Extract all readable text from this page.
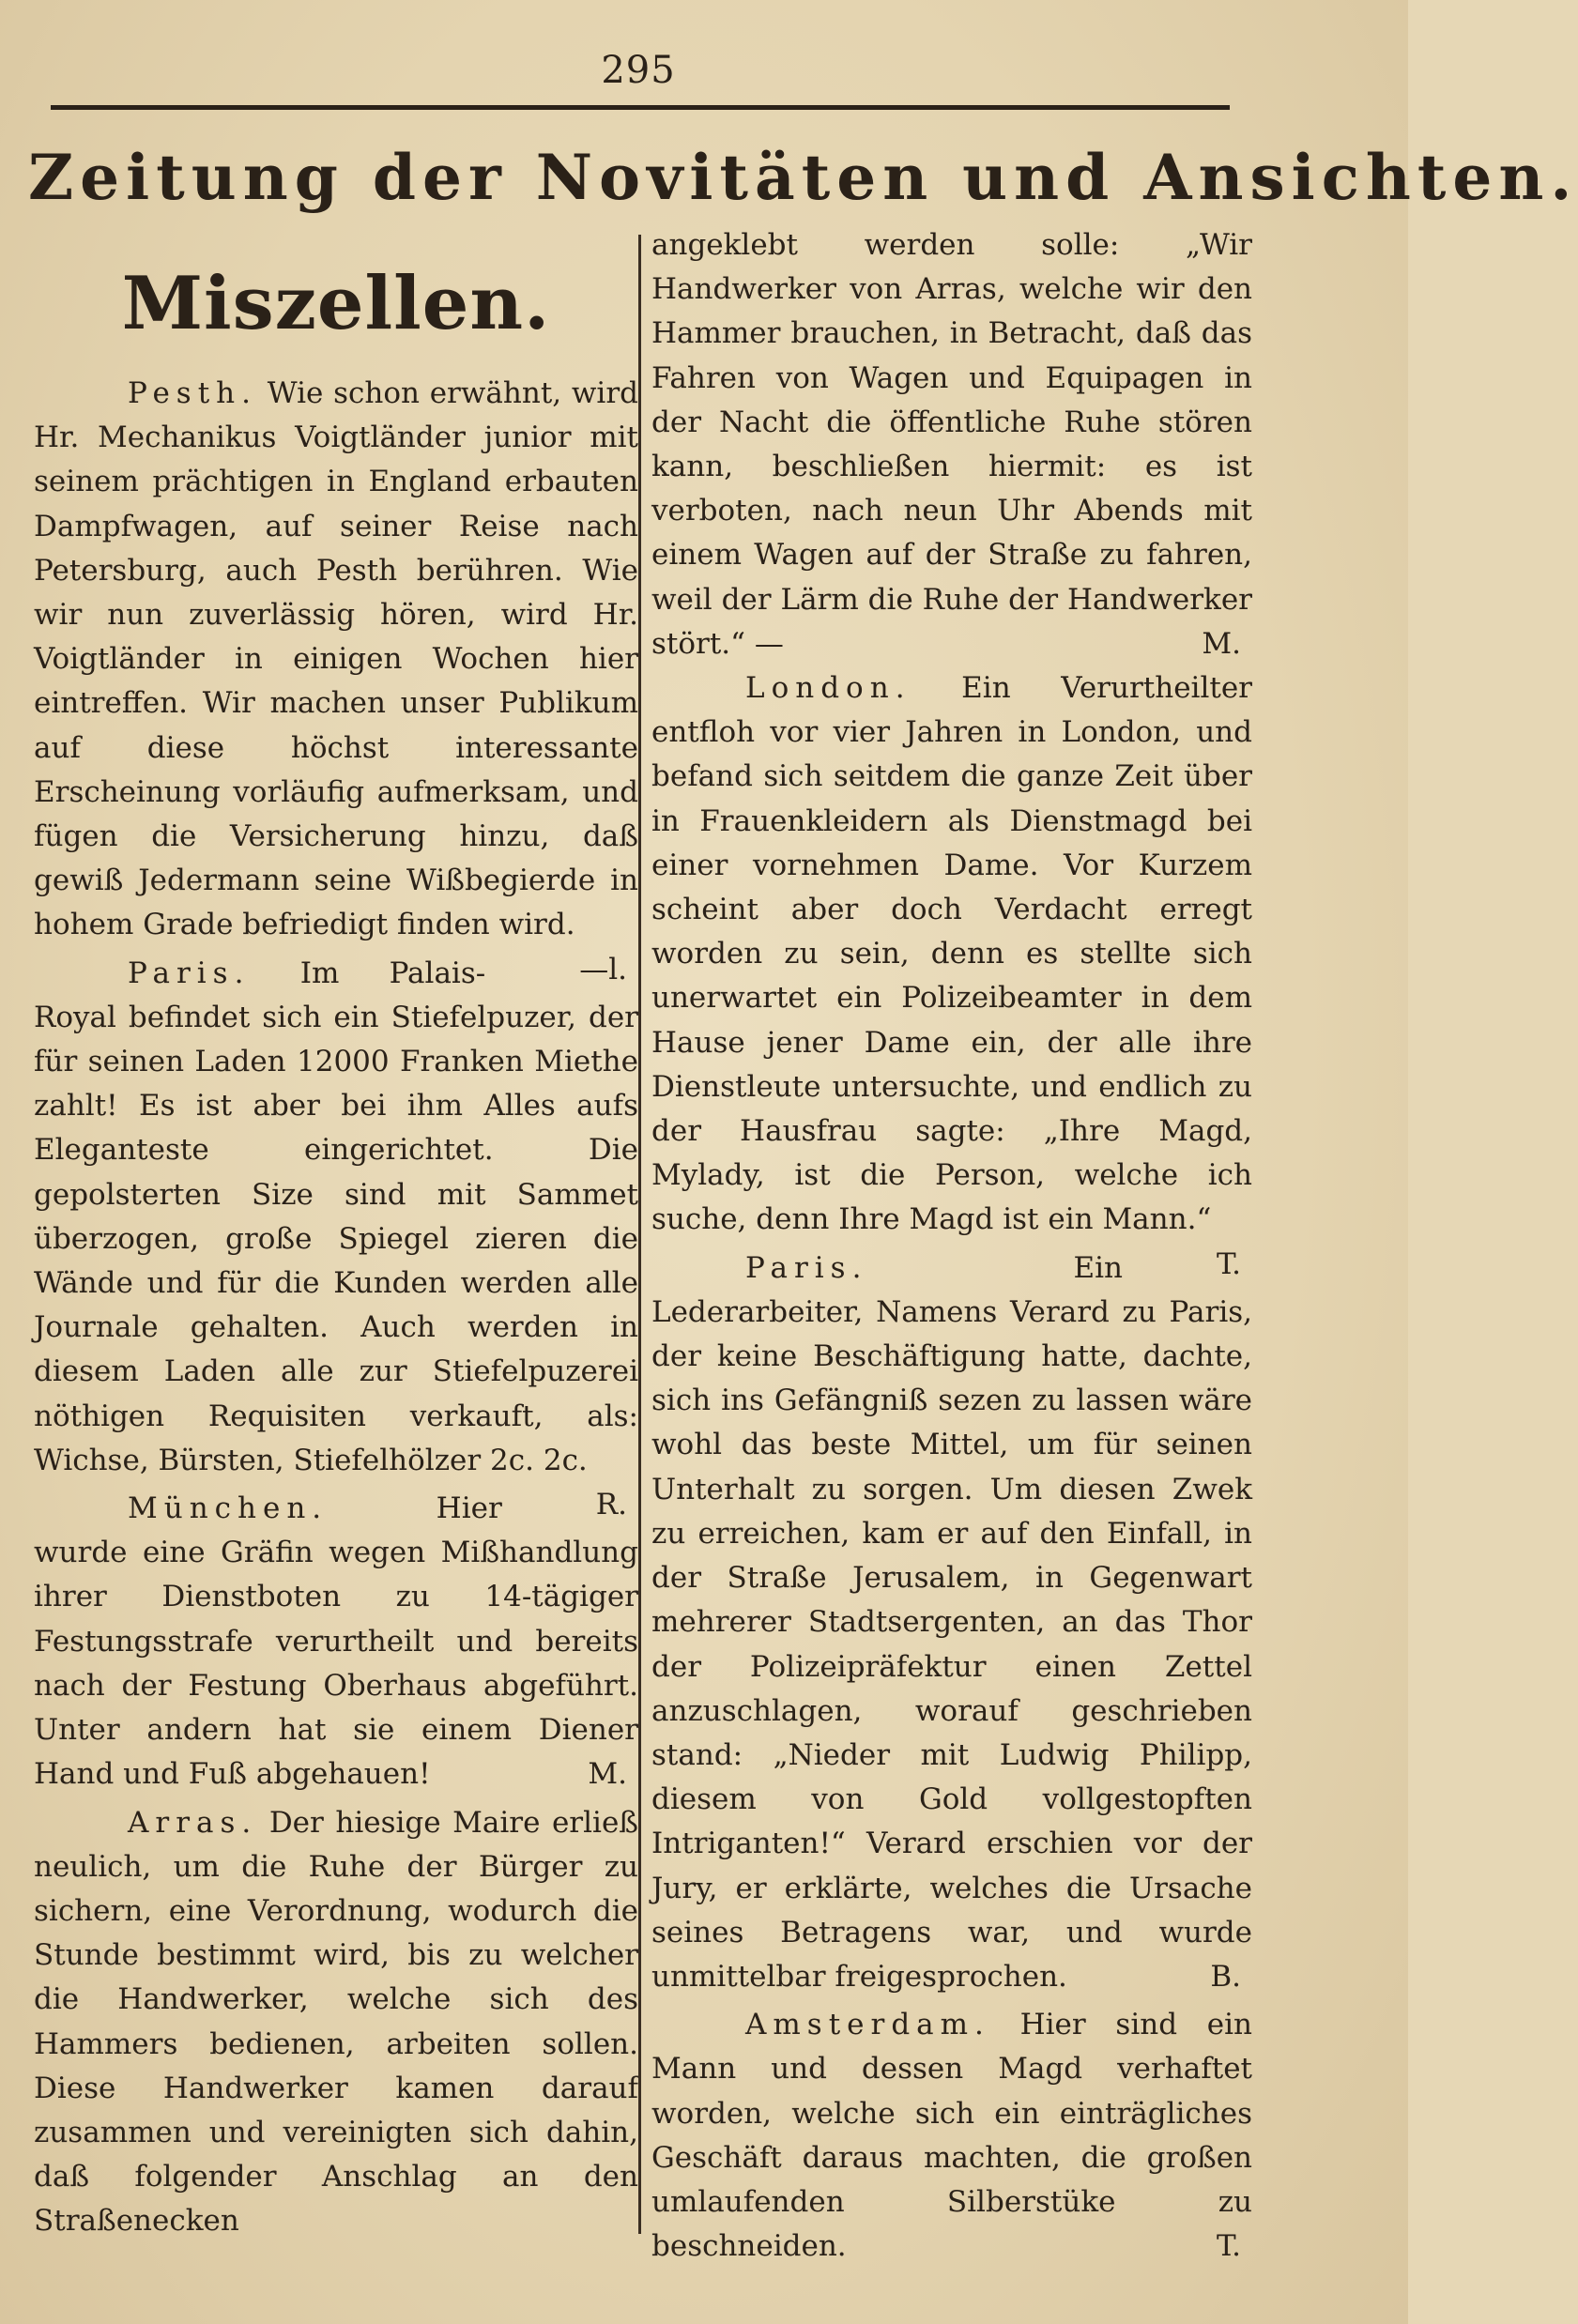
295
Zeitung der Novitäten und Ansichten.
Miszellen.

Pesth. Wie schon erwähnt, wird Hr. Mechanikus Voigtländer junior mit seinem prächtigen in England erbauten Dampfwagen, auf seiner Reise nach Petersburg, auch Pesth berühren. Wie wir nun zuverlässig hören, wird Hr. Voigtländer in einigen Wochen hier eintreffen. Wir machen unser Publikum auf diese höchst interessante Erscheinung vorläufig aufmerksam, und fügen die Versicherung hinzu, daß gewiß Jedermann seine Wißbegierde in hohem Grade befriedigt finden wird.
—l.

Paris. Im Palais-Royal befindet sich ein Stiefelpuzer, der für seinen Laden 12000 Franken Miethe zahlt! Es ist aber bei ihm Alles aufs Eleganteste eingerichtet. Die gepolsterten Size sind mit Sammet überzogen, große Spiegel zieren die Wände und für die Kunden werden alle Journale gehalten. Auch werden in diesem Laden alle zur Stiefelpuzerei nöthigen Requisiten verkauft, als: Wichse, Bürsten, Stiefelhölzer 2c. 2c.
R.

München.	Hier wurde eine Gräfin wegen Mißhandlung ihrer Dienstboten zu 14-tägiger Festungsstrafe verurtheilt und bereits nach der Festung Oberhaus abgeführt. Unter andern hat sie einem Diener Hand und Fuß abgehauen!	M.

Arras. Der hiesige Maire erließ neulich, um die Ruhe der Bürger zu sichern, eine Verordnung, wodurch die Stunde bestimmt wird, bis zu welcher die Handwerker, welche sich des Hammers bedienen, arbeiten sollen. Diese Handwerker kamen darauf zusammen und vereinigten sich dahin, daß folgender Anschlag an den Straßenecken

angeklebt werden solle: „Wir Handwerker von Arras, welche wir den Hammer brauchen, in Betracht, daß das Fahren von Wagen und Equipagen in der Nacht die öffentliche Ruhe stören kann, beschließen hiermit: es ist verboten, nach neun Uhr Abends mit einem Wagen auf der Straße zu fahren, weil der Lärm die Ruhe der Handwerker stört.“ —	M.

London. Ein Verurtheilter entfloh vor vier Jahren in London, und befand sich seitdem die ganze Zeit über in Frauenkleidern als Dienstmagd bei einer vornehmen Dame. Vor Kurzem scheint aber doch Verdacht erregt worden zu sein, denn es stellte sich unerwartet ein Polizeibeamter in dem Hause jener Dame ein, der alle ihre Dienstleute untersuchte, und endlich zu der Hausfrau sagte: „Ihre Magd, Mylady, ist die Person, welche ich suche, denn Ihre Magd ist ein Mann.“
T.

Paris.	Ein Lederarbeiter, Namens Verard zu Paris, der keine Beschäftigung hatte, dachte, sich ins Gefängniß sezen zu lassen wäre wohl das beste Mittel, um für seinen Unterhalt zu sorgen. Um diesen Zwek zu erreichen, kam er auf den Einfall, in der Straße Jerusalem, in Gegenwart mehrerer Stadtsergenten, an das Thor der Polizeipräfektur einen Zettel anzuschlagen, worauf geschrieben stand: „Nieder mit Ludwig Philipp, diesem von Gold vollgestopften Intriganten!“ Verard erschien vor der Jury, er erklärte, welches die Ursache seines Betragens war, und wurde unmittelbar freigesprochen.	B.

Amsterdam. Hier sind ein Mann und dessen Magd verhaftet worden, welche sich ein einträgliches Geschäft daraus machten, die großen umlaufenden Silberstüke zu beschneiden.	T.
